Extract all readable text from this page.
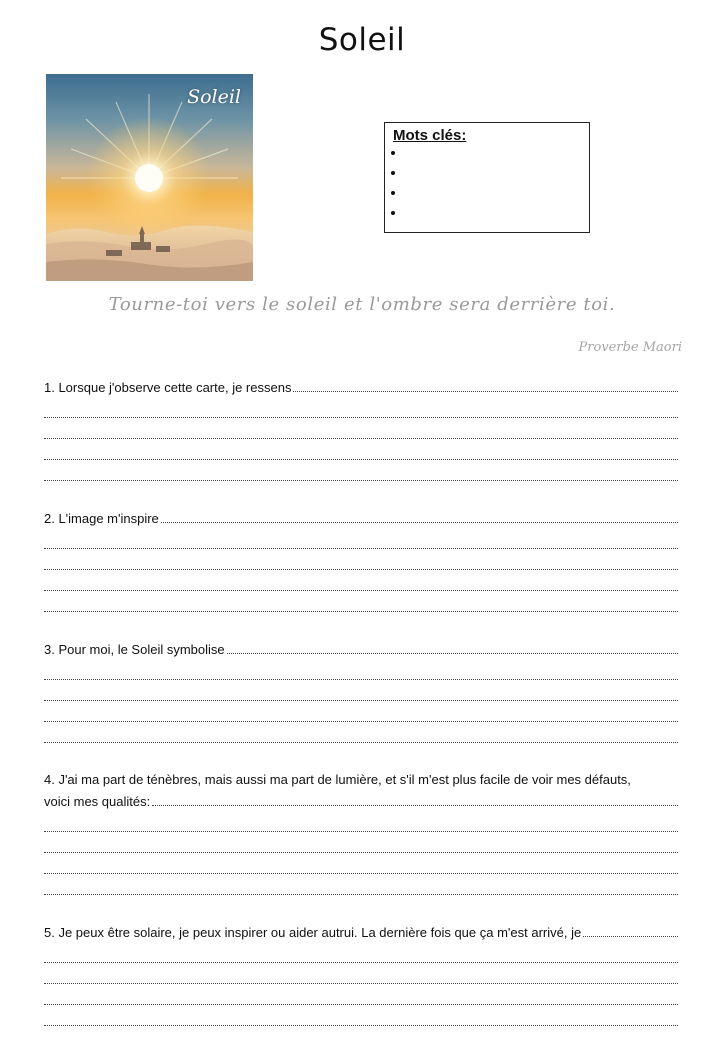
Soleil
Soleil
Mots clés:
•
•
•
•
Tourne-toi vers le soleil et l'ombre sera derrière toi.
Proverbe Maori
1. Lorsque j'observe cette carte, je ressens
2. L'image m'inspire
3. Pour moi, le Soleil symbolise
4. J'ai ma part de ténèbres, mais aussi ma part de lumière, et s'il m'est plus facile de voir mes défauts,
voici mes qualités:
5. Je peux être solaire, je peux inspirer ou aider autrui. La dernière fois que ça m'est arrivé, je
